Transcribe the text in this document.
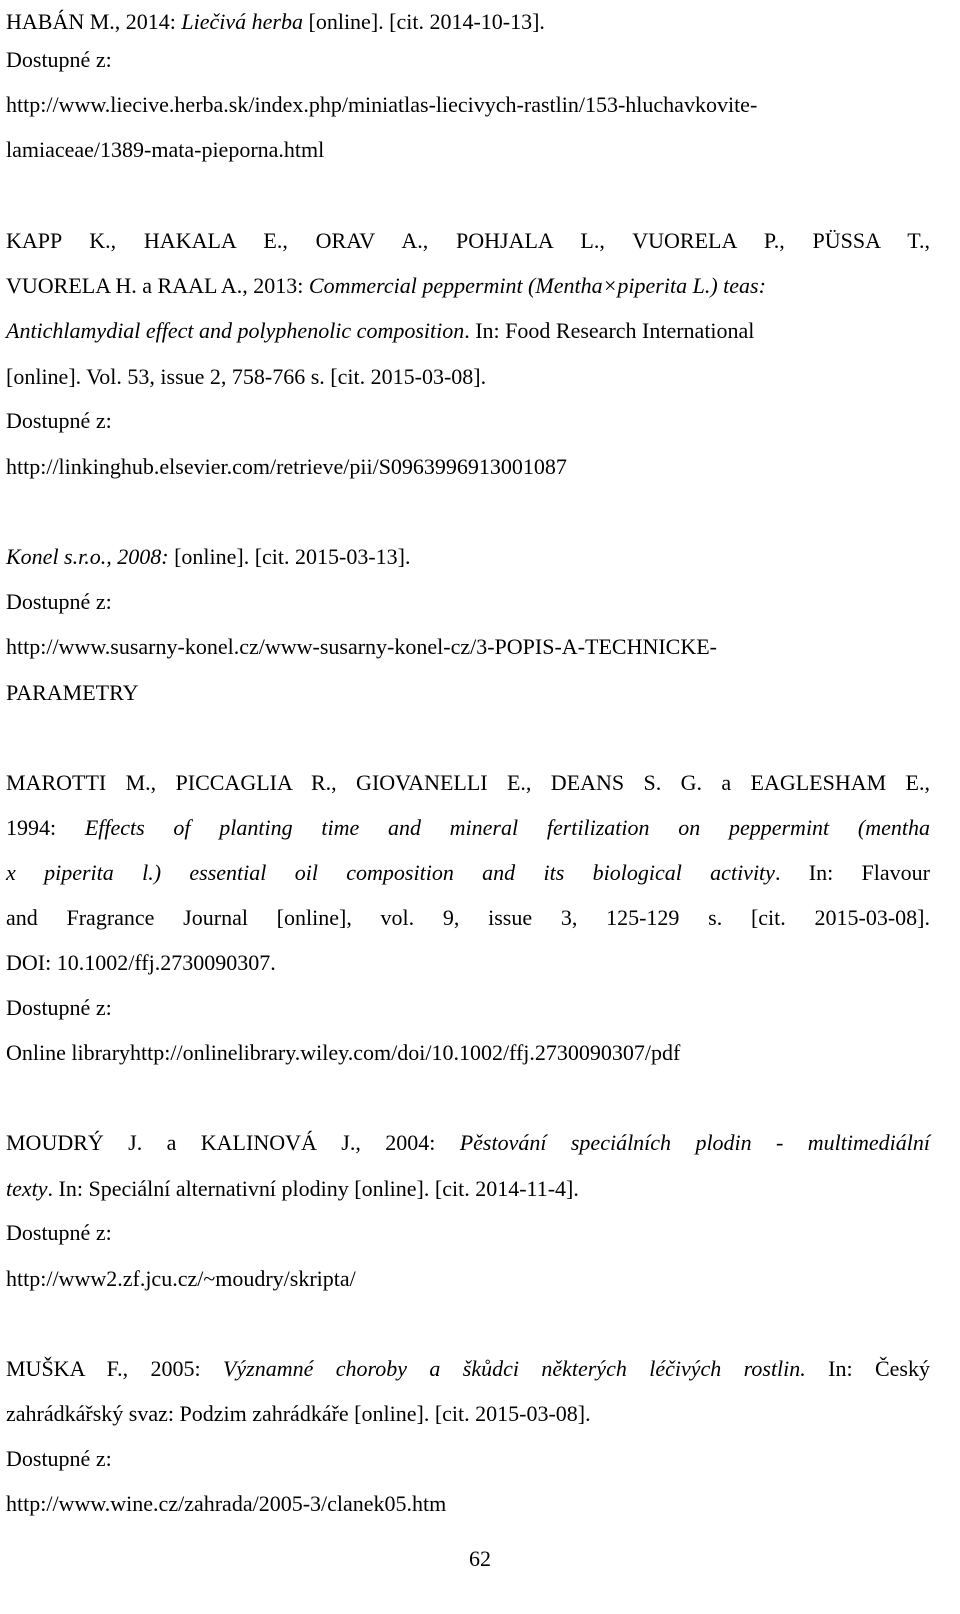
HABÁN M., 2014: Liečivá herba [online]. [cit. 2014-10-13].
Dostupné z:
http://www.liecive.herba.sk/index.php/miniatlas-liecivych-rastlin/153-hluchavkovite-
lamiaceae/1389-mata-pieporna.html
KAPP K., HAKALA E., ORAV A., POHJALA L., VUORELA P., PÜSSA T.,
VUORELA H. a RAAL A., 2013: Commercial peppermint (Mentha×piperita L.) teas:
Antichlamydial effect and polyphenolic composition. In: Food Research International
[online]. Vol. 53, issue 2, 758-766 s. [cit. 2015-03-08].
Dostupné z:
http://linkinghub.elsevier.com/retrieve/pii/S0963996913001087
Konel s.r.o., 2008: [online]. [cit. 2015-03-13].
Dostupné z:
http://www.susarny-konel.cz/www-susarny-konel-cz/3-POPIS-A-TECHNICKE-
PARAMETRY
MAROTTI M., PICCAGLIA R., GIOVANELLI E., DEANS S. G. a EAGLESHAM E.,
1994: Effects of planting time and mineral fertilization on peppermint (mentha
x piperita l.) essential oil composition and its biological activity. In: Flavour
and Fragrance Journal [online], vol. 9, issue 3, 125-129 s. [cit. 2015-03-08].
DOI: 10.1002/ffj.2730090307.
Dostupné z:
Online libraryhttp://onlinelibrary.wiley.com/doi/10.1002/ffj.2730090307/pdf
MOUDRÝ J. a KALINOVÁ J., 2004: Pěstování speciálních plodin - multimediální
texty. In: Speciální alternativní plodiny [online]. [cit. 2014-11-4].
Dostupné z:
http://www2.zf.jcu.cz/~moudry/skripta/
MUŠKA F., 2005: Významné choroby a škůdci některých léčivých rostlin. In: Český
zahrádkářský svaz: Podzim zahrádkáře [online]. [cit. 2015-03-08].
Dostupné z:
http://www.wine.cz/zahrada/2005-3/clanek05.htm
62
